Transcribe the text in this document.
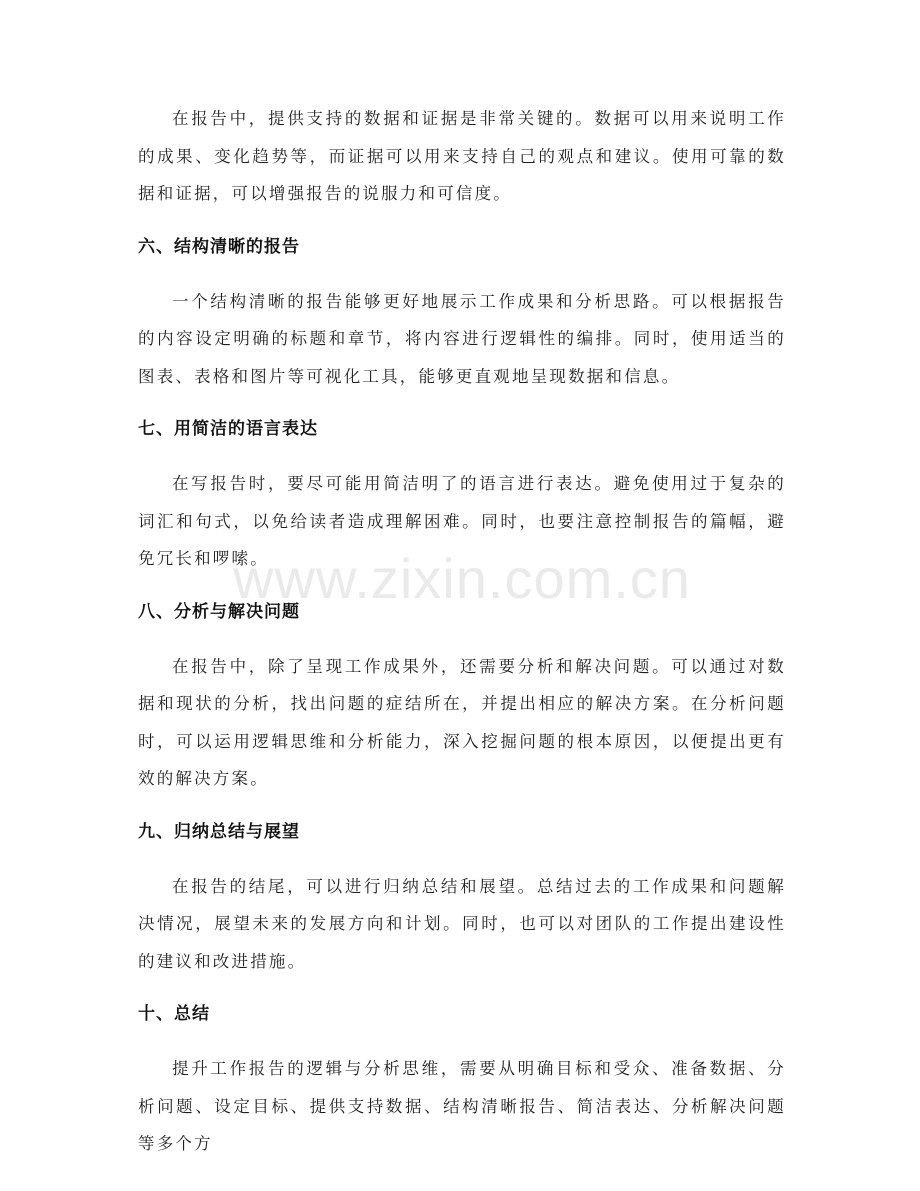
在报告中，提供支持的数据和证据是非常关键的。数据可以用来说明工作的成果、变化趋势等，而证据可以用来支持自己的观点和建议。使用可靠的数据和证据，可以增强报告的说服力和可信度。

六、结构清晰的报告

一个结构清晰的报告能够更好地展示工作成果和分析思路。可以根据报告的内容设定明确的标题和章节，将内容进行逻辑性的编排。同时，使用适当的图表、表格和图片等可视化工具，能够更直观地呈现数据和信息。

七、用简洁的语言表达

在写报告时，要尽可能用简洁明了的语言进行表达。避免使用过于复杂的词汇和句式，以免给读者造成理解困难。同时，也要注意控制报告的篇幅，避免冗长和啰嗦。

八、分析与解决问题

在报告中，除了呈现工作成果外，还需要分析和解决问题。可以通过对数据和现状的分析，找出问题的症结所在，并提出相应的解决方案。在分析问题时，可以运用逻辑思维和分析能力，深入挖掘问题的根本原因，以便提出更有效的解决方案。

九、归纳总结与展望

在报告的结尾，可以进行归纳总结和展望。总结过去的工作成果和问题解决情况，展望未来的发展方向和计划。同时，也可以对团队的工作提出建设性的建议和改进措施。

十、总结

提升工作报告的逻辑与分析思维，需要从明确目标和受众、准备数据、分析问题、设定目标、提供支持数据、结构清晰报告、简洁表达、分析解决问题等多个方

www.zixin.com.cn
